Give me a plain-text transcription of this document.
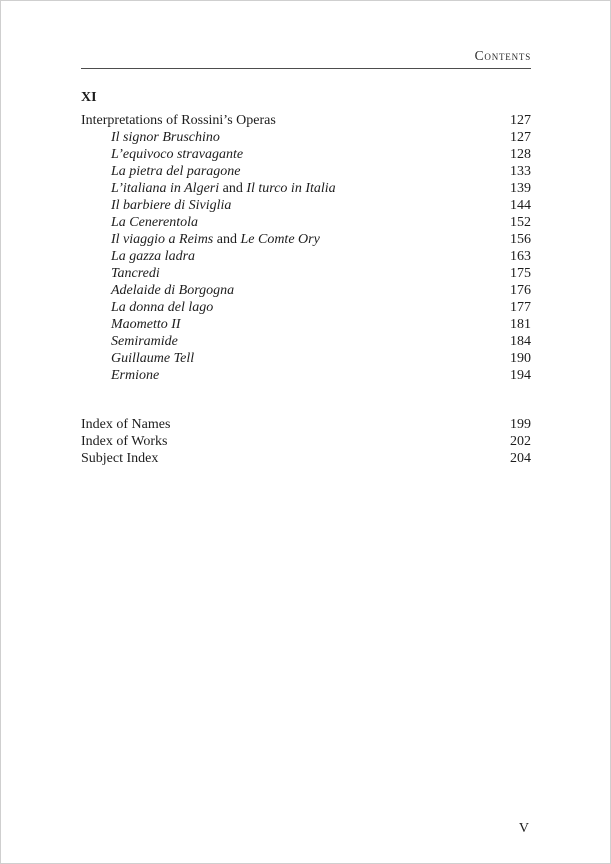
Contents
XI
Interpretations of Rossini’s Operas	127
Il signor Bruschino	127
L’equivoco stravagante	128
La pietra del paragone	133
L’italiana in Algeri and Il turco in Italia	139
Il barbiere di Siviglia	144
La Cenerentola	152
Il viaggio a Reims and Le Comte Ory	156
La gazza ladra	163
Tancredi	175
Adelaide di Borgogna	176
La donna del lago	177
Maometto II	181
Semiramide	184
Guillaume Tell	190
Ermione	194
Index of Names	199
Index of Works	202
Subject Index	204
V
